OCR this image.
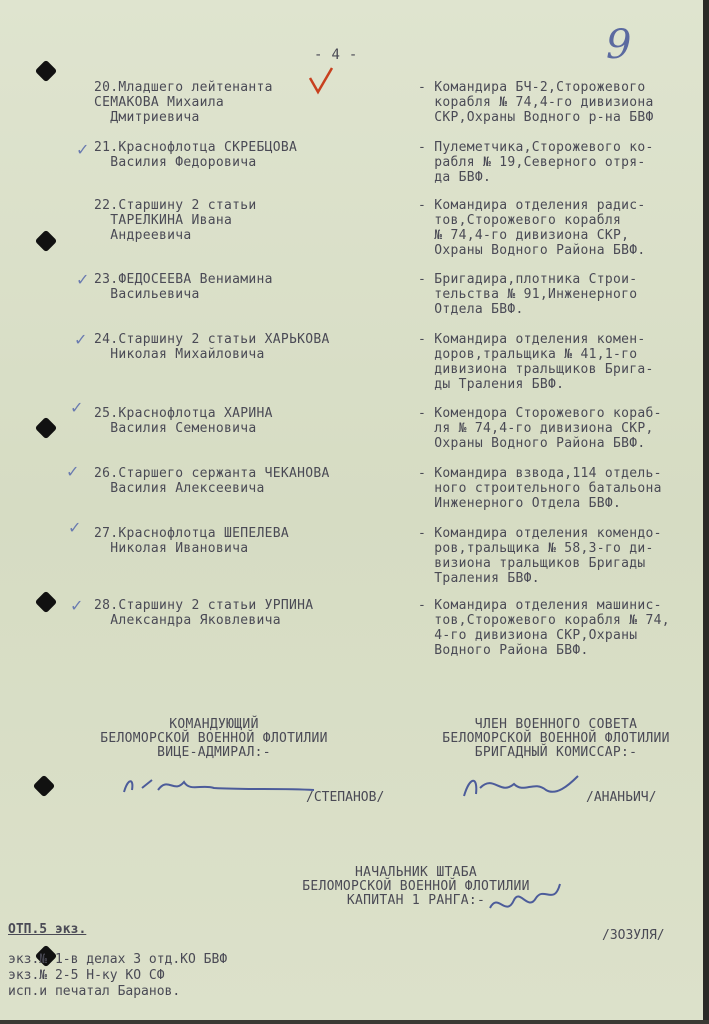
- 4 -	9
✓
✓
✓
✓
✓
✓
✓
20.Младшего лейтенанта
СЕМАКОВА Михаила
Дмитриевича
- Командира БЧ-2,Сторожевого
корабля № 74,4-го дивизиона
СКР,Охраны Водного р-на БВФ
21.Краснофлотца СКРЕБЦОВА
Василия Федоровича
- Пулеметчика,Сторожевого ко-
рабля № 19,Северного отря-
да БВФ.
22.Старшину 2 статьи
ТАРЕЛКИНА Ивана
Андреевича
- Командира отделения радис-
тов,Сторожевого корабля
№ 74,4-го дивизиона СКР,
Охраны Водного Района БВФ.
23.ФЕДОСЕЕВА Вениамина
Васильевича
- Бригадира,плотника Строи-
тельства № 91,Инженерного
Отдела БВФ.
24.Старшину 2 статьи ХАРЬКОВА
Николая Михайловича
- Командира отделения комен-
доров,тральщика № 41,1-го
дивизиона тральщиков Брига-
ды Траления БВФ.
25.Краснофлотца ХАРИНА
Василия Семеновича
- Комендора Сторожевого кораб-
ля № 74,4-го дивизиона СКР,
Охраны Водного Района БВФ.
26.Старшего сержанта ЧЕКАНОВА
Василия Алексеевича
- Командира взвода,114 отдель-
ного строительного батальона
Инженерного Отдела БВФ.
27.Краснофлотца ШЕПЕЛЕВА
Николая Ивановича
- Командира отделения комендо-
ров,тральщика № 58,3-го ди-
визиона тральщиков Бригады
Траления БВФ.
28.Старшину 2 статьи УРПИНА
Александра Яковлевича
- Командира отделения машинис-
тов,Сторожевого корабля № 74,
4-го дивизиона СКР,Охраны
Водного Района БВФ.
КОМАНДУЮЩИЙ
БЕЛОМОРСКОЙ ВОЕННОЙ ФЛОТИЛИИ
ВИЦЕ-АДМИРАЛ:-
ЧЛЕН ВОЕННОГО СОВЕТА
БЕЛОМОРСКОЙ ВОЕННОЙ ФЛОТИЛИИ
БРИГАДНЫЙ КОМИССАР:-
/СТЕПАНОВ/	/АНАНЬИЧ/
НАЧАЛЬНИК ШТАБА
БЕЛОМОРСКОЙ ВОЕННОЙ ФЛОТИЛИИ
КАПИТАН 1 РАНГА:-
/ЗОЗУЛЯ/
ОТП.5 экз.
экз.№ 1-в делах 3 отд.КО БВФ
экз.№ 2-5 Н-ку КО СФ
исп.и печатал Баранов.
